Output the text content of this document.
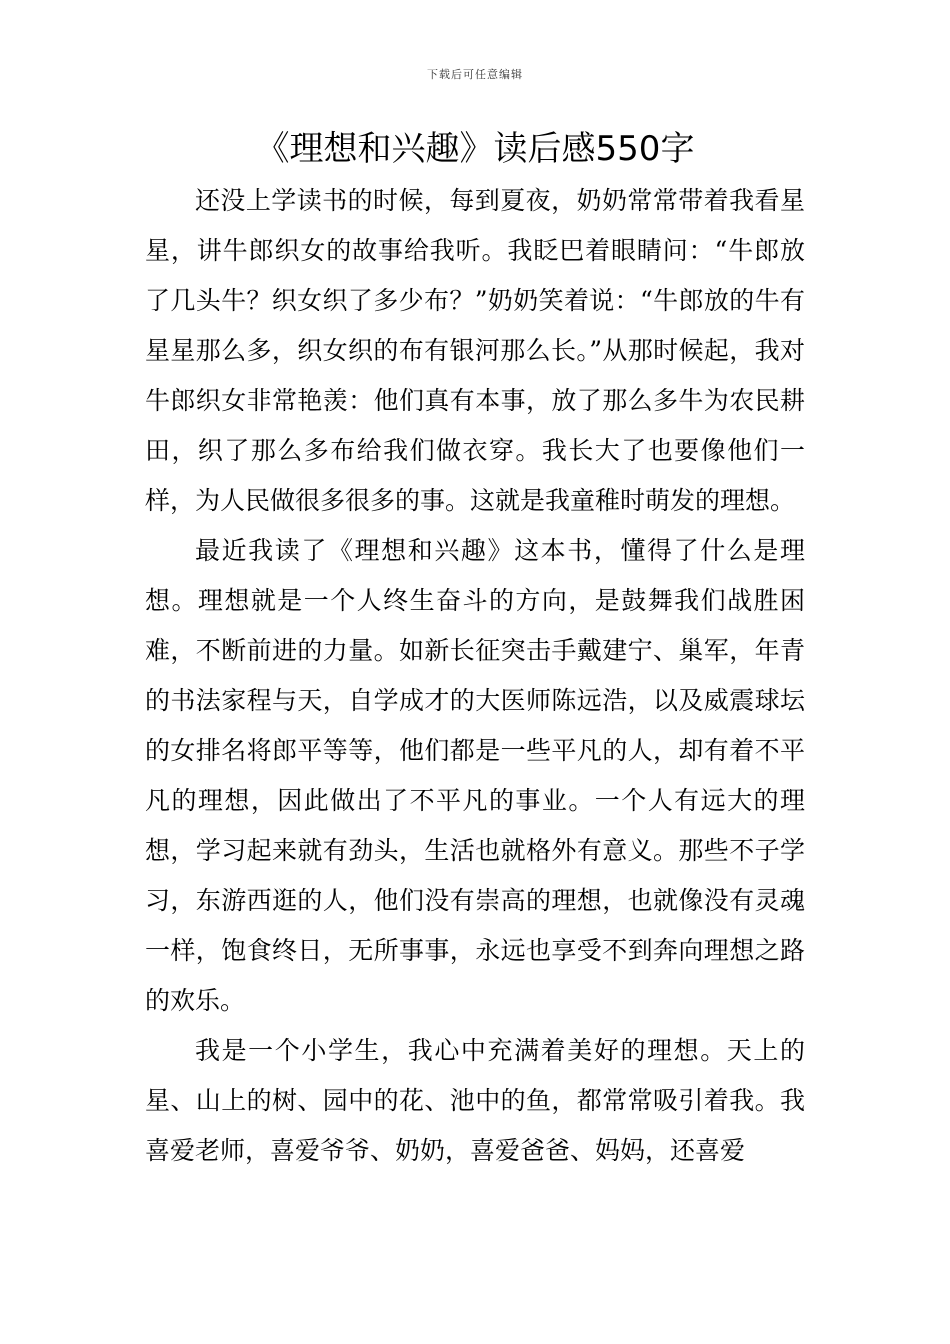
下载后可任意编辑
《理想和兴趣》读后感550字

还没上学读书的时候，每到夏夜，奶奶常常带着我看星星，讲牛郎织女的故事给我听。我眨巴着眼睛问：“牛郎放了几头牛？织女织了多少布？”奶奶笑着说：“牛郎放的牛有星星那么多，织女织的布有银河那么长。”从那时候起，我对牛郎织女非常艳羡：他们真有本事，放了那么多牛为农民耕田，织了那么多布给我们做衣穿。我长大了也要像他们一样，为人民做很多很多的事。这就是我童稚时萌发的理想。

最近我读了《理想和兴趣》这本书，懂得了什么是理想。理想就是一个人终生奋斗的方向，是鼓舞我们战胜困难，不断前进的力量。如新长征突击手戴建宁、巢军，年青的书法家程与天，自学成才的大医师陈远浩，以及威震球坛的女排名将郎平等等，他们都是一些平凡的人，却有着不平凡的理想，因此做出了不平凡的事业。一个人有远大的理想，学习起来就有劲头，生活也就格外有意义。那些不子学习，东游西逛的人，他们没有崇高的理想，也就像没有灵魂一样，饱食终日，无所事事，永远也享受不到奔向理想之路的欢乐。

我是一个小学生，我心中充满着美好的理想。天上的星、山上的树、园中的花、池中的鱼，都常常吸引着我。我喜爱老师，喜爱爷爷、奶奶，喜爱爸爸、妈妈，还喜爱
